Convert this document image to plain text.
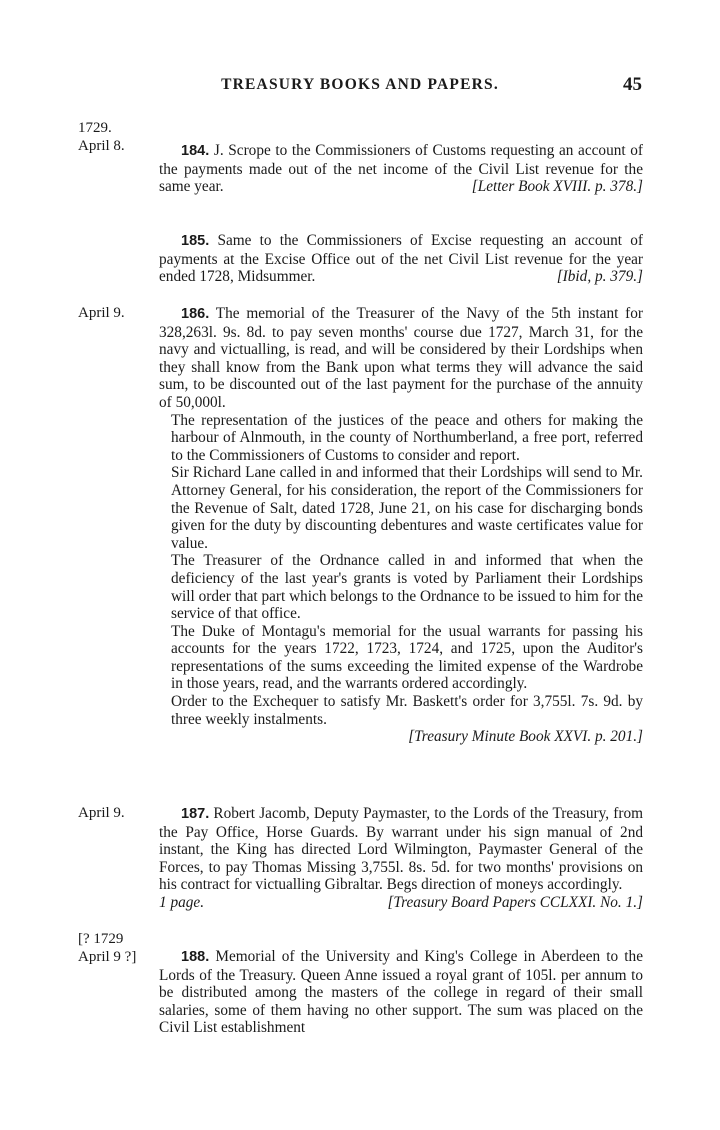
TREASURY BOOKS AND PAPERS.	45
1729.
April 8.	184. J. Scrope to the Commissioners of Customs requesting an account of the payments made out of the net income of the Civil List revenue for the same year.	[Letter Book XVIII. p. 378.]

185. Same to the Commissioners of Excise requesting an account of payments at the Excise Office out of the net Civil List revenue for the year ended 1728, Midsummer.	[Ibid, p. 379.]

April 9.	186. The memorial of the Treasurer of the Navy of the 5th instant for 328,263l. 9s. 8d. to pay seven months' course due 1727, March 31, for the navy and victualling, is read, and will be considered by their Lordships when they shall know from the Bank upon what terms they will advance the said sum, to be discounted out of the last payment for the purchase of the annuity of 50,000l.

The representation of the justices of the peace and others for making the harbour of Alnmouth, in the county of Northumberland, a free port, referred to the Commissioners of Customs to consider and report.

Sir Richard Lane called in and informed that their Lordships will send to Mr. Attorney General, for his consideration, the report of the Commissioners for the Revenue of Salt, dated 1728, June 21, on his case for discharging bonds given for the duty by discounting debentures and waste certificates value for value.

The Treasurer of the Ordnance called in and informed that when the deficiency of the last year's grants is voted by Parliament their Lordships will order that part which belongs to the Ordnance to be issued to him for the service of that office.

The Duke of Montagu's memorial for the usual warrants for passing his accounts for the years 1722, 1723, 1724, and 1725, upon the Auditor's representations of the sums exceeding the limited expense of the Wardrobe in those years, read, and the warrants ordered accordingly.

Order to the Exchequer to satisfy Mr. Baskett's order for 3,755l. 7s. 9d. by three weekly instalments.

[Treasury Minute Book XXVI. p. 201.]

April 9.	187. Robert Jacomb, Deputy Paymaster, to the Lords of the Treasury, from the Pay Office, Horse Guards. By warrant under his sign manual of 2nd instant, the King has directed Lord Wilmington, Paymaster General of the Forces, to pay Thomas Missing 3,755l. 8s. 5d. for two months' provisions on his contract for victualling Gibraltar. Begs direction of moneys accordingly.

1 page.	[Treasury Board Papers CCLXXI. No. 1.]

[? 1729
April 9 ?]	188. Memorial of the University and King's College in Aberdeen to the Lords of the Treasury. Queen Anne issued a royal grant of 105l. per annum to be distributed among the masters of the college in regard of their small salaries, some of them having no other support. The sum was placed on the Civil List establishment
